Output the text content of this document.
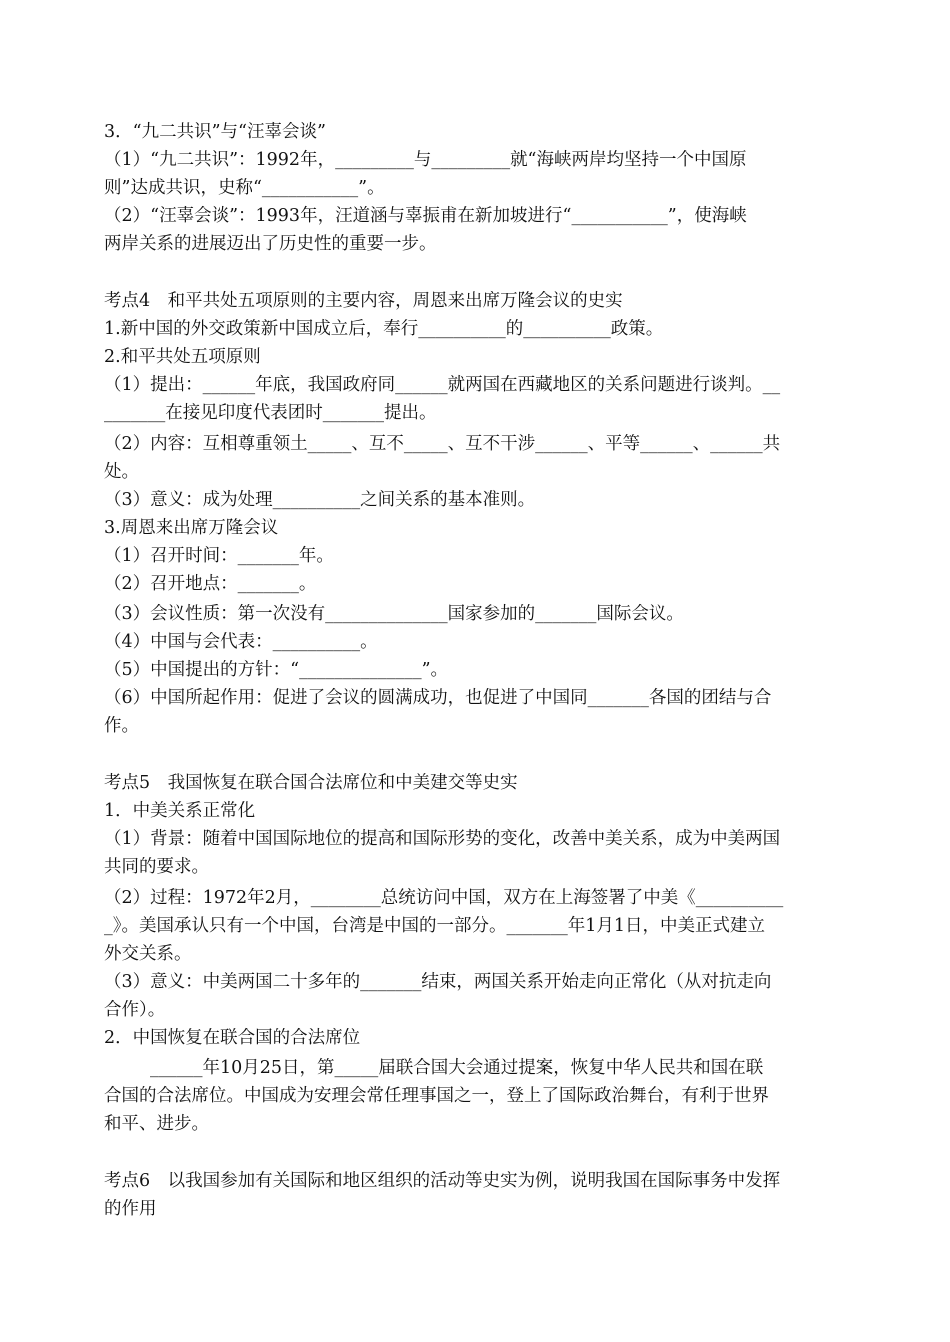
3．“九二共识”与“汪辜会谈”
（1）“九二共识”：1992年，_________与_________就“海峡两岸均坚持一个中国原
则”达成共识，史称“___________”。
（2）“汪辜会谈”：1993年，汪道涵与辜振甫在新加坡进行“___________”，使海峡
两岸关系的进展迈出了历史性的重要一步。
考点4　和平共处五项原则的主要内容，周恩来出席万隆会议的史实
1.新中国的外交政策新中国成立后，奉行__________的__________政策。
2.和平共处五项原则
（1）提出：______年底，我国政府同______就两国在西藏地区的关系问题进行谈判。__
_______在接见印度代表团时_______提出。
（2）内容：互相尊重领土_____、互不_____、互不干涉______、平等______、______共
处。
（3）意义：成为处理__________之间关系的基本准则。
3.周恩来出席万隆会议
（1）召开时间：_______年。
（2）召开地点：_______。
（3）会议性质：第一次没有______________国家参加的_______国际会议。
（4）中国与会代表：__________。
（5）中国提出的方针：“______________”。
（6）中国所起作用：促进了会议的圆满成功，也促进了中国同_______各国的团结与合
作。
考点5　我国恢复在联合国合法席位和中美建交等史实
1．中美关系正常化
（1）背景：随着中国国际地位的提高和国际形势的变化，改善中美关系，成为中美两国
共同的要求。
（2）过程：1972年2月，________总统访问中国，双方在上海签署了中美《__________
_》。美国承认只有一个中国，台湾是中国的一部分。_______年1月1日，中美正式建立
外交关系。
（3）意义：中美两国二十多年的_______结束，两国关系开始走向正常化（从对抗走向
合作）。
2．中国恢复在联合国的合法席位
______年10月25日，第_____届联合国大会通过提案，恢复中华人民共和国在联
合国的合法席位。中国成为安理会常任理事国之一，登上了国际政治舞台，有利于世界
和平、进步。
考点6　以我国参加有关国际和地区组织的活动等史实为例，说明我国在国际事务中发挥
的作用
